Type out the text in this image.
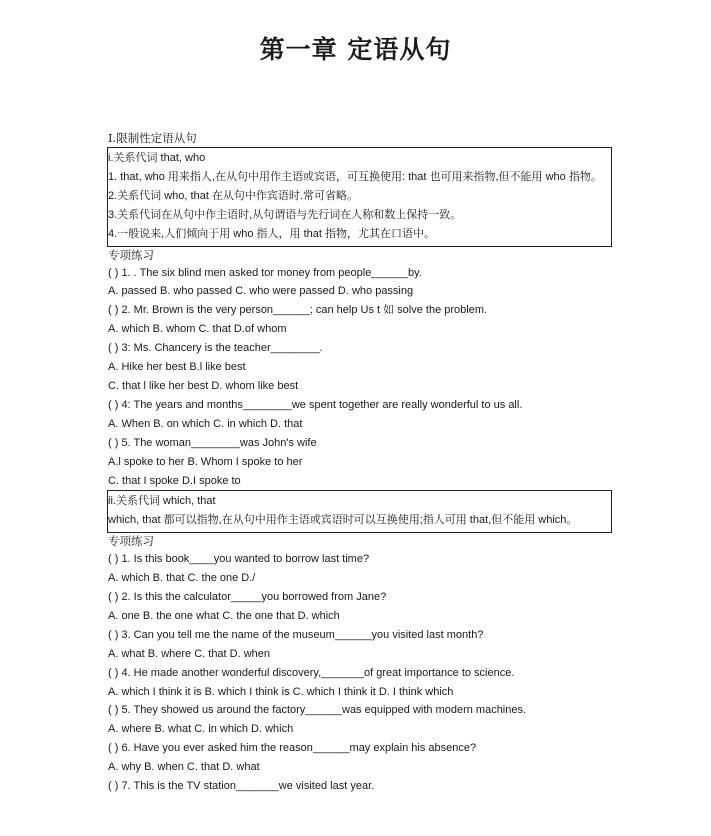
第一章 定语从句
Ⅰ.限制性定语从句
i.关系代词 that, who
1. that, who 用来指人,在从句中用作主语或宾语，可互换使用: that 也可用来指物,但不能用 who 指物。
2.关系代词 who, that 在从句中作宾语时.常可省略。
3.关系代词在从句中作主语时,从句谓语与先行词在人称和数上保持一致。
4.一般说来,人们倾向于用 who 指人，用 that 指物，尤其在口语中。
专项练习
( ) 1. . The six blind men asked tor money from people______by.
A. passed B. who passed C. who were passed D. who passing
( ) 2. Mr. Brown is the very person______; can help Us t 如 solve the problem.
A. which B. whom C. that D.of whom
( ) 3: Ms. Chancery is the teacher________.
A. Hike her best B.l like best
C. that l like her best D. whom like best
( ) 4: The years and months________we spent together are really wonderful to us all.
A. When B. on which C. in which D. that
( ) 5. The woman________was John's wife
A.l spoke to her B. Whom I spoke to her
C. that I spoke D.I spoke to
ii.关系代词 which, that
which, that 都可以指物,在从句中用作主语或宾语时可以互换使用;指人可用 that,但不能用 which。
专项练习
( ) 1. Is this book____you wanted to borrow last time?
A. which B. that C. the one D./
( ) 2. Is this the calculator_____you borrowed from Jane?
A. one B. the one what C. the one that D. which
( ) 3. Can you tell me the name of the museum______you visited last month?
A. what B. where C. that D. when
( ) 4. He made another wonderful discovery,_______of great importance to science.
A. which I think it is B. which I think is C. which I think it D. I think which
( ) 5. They showed us around the factory______was equipped with modern machines.
A. where B. what C. in which D. which
( ) 6. Have you ever asked him the reason______may explain his absence?
A. why B. when C. that D. what
( ) 7. This is the TV station_______we visited last year.
